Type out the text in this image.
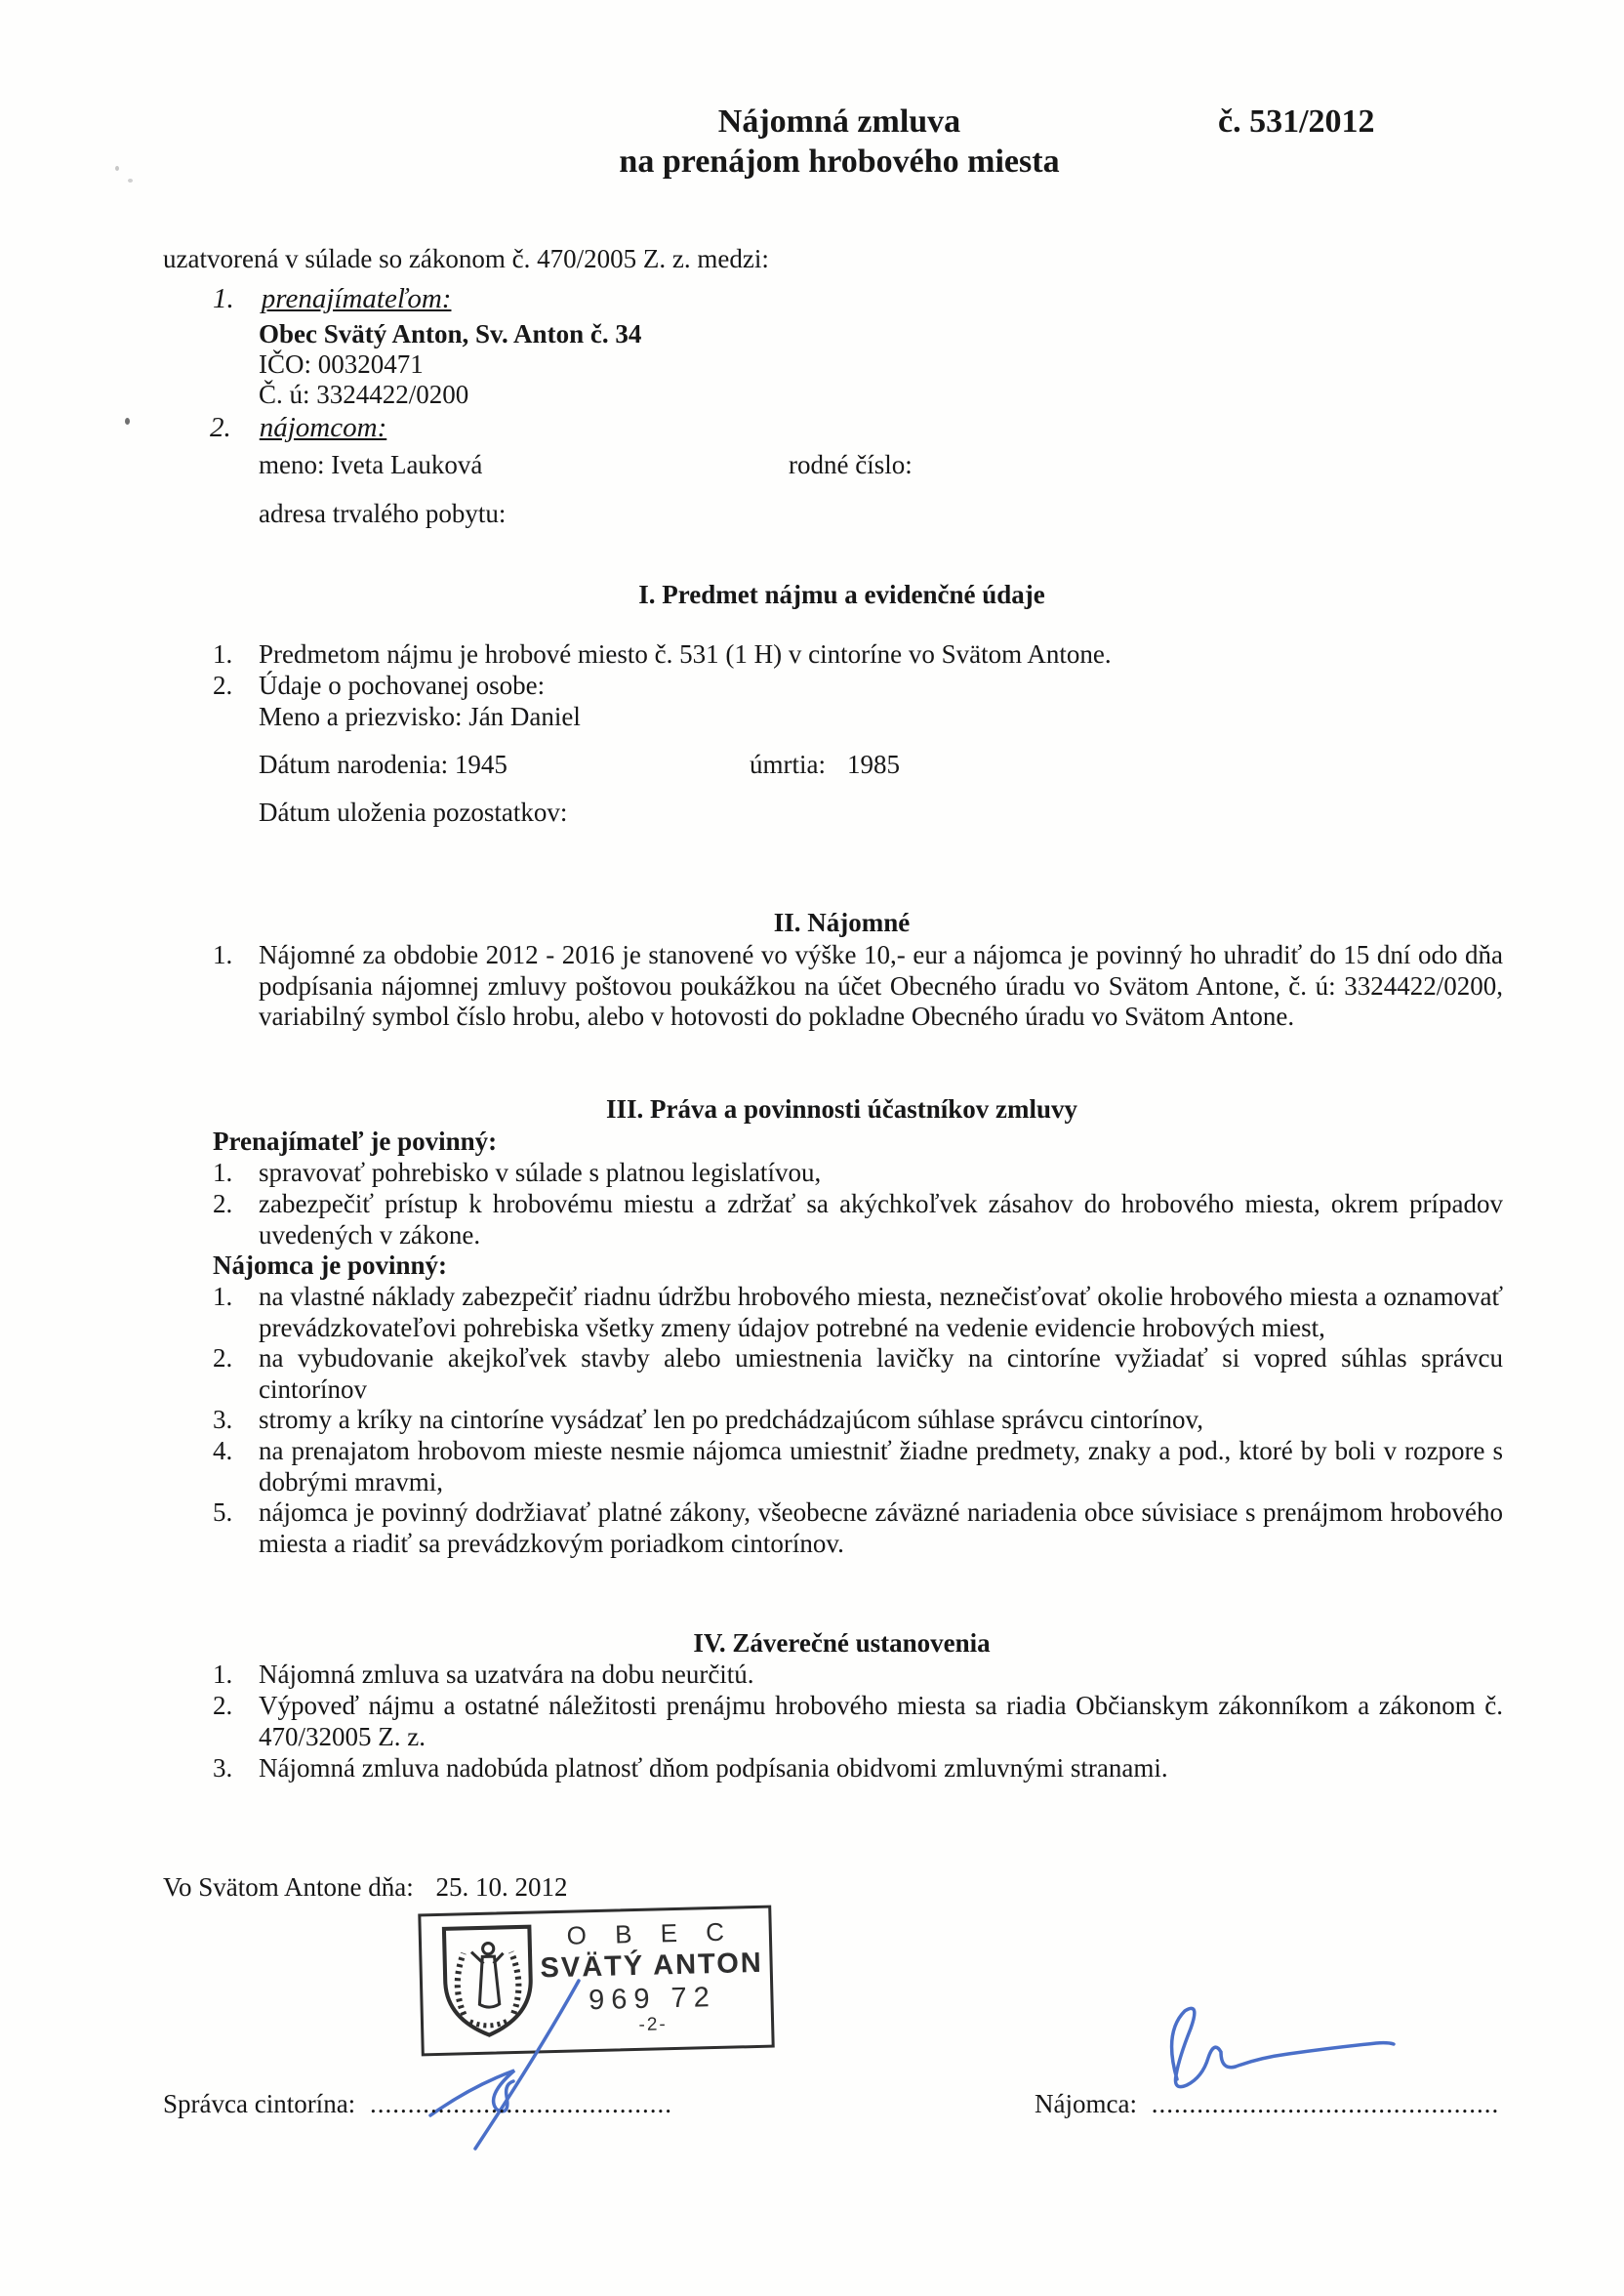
Nájomná zmluva
na prenájom hrobového miesta
č. 531/2012
uzatvorená v súlade so zákonom č. 470/2005 Z. z. medzi:
1. prenajímateľom:
Obec Svätý Anton, Sv. Anton č. 34
IČO: 00320471
Č. ú: 3324422/0200
2. nájomcom:
meno: Iveta Lauková	rodné číslo:
adresa trvalého pobytu:
I. Predmet nájmu a evidenčné údaje
1. Predmetom nájmu je hrobové miesto č. 531 (1 H) v cintoríne vo Svätom Antone.
2. Údaje o pochovanej osobe:
Meno a priezvisko: Ján Daniel
Dátum narodenia: 1945	úmrtia: 1985
Dátum uloženia pozostatkov:
II. Nájomné
1. Nájomné za obdobie 2012 - 2016 je stanovené vo výške 10,- eur a nájomca je povinný ho uhradiť do 15 dní odo dňa podpísania nájomnej zmluvy poštovou poukážkou na účet Obecného úradu vo Svätom Antone, č. ú: 3324422/0200, variabilný symbol číslo hrobu, alebo v hotovosti do pokladne Obecného úradu vo Svätom Antone.
III. Práva a povinnosti účastníkov zmluvy
Prenajímateľ je povinný:
1. spravovať pohrebisko v súlade s platnou legislatívou,
2. zabezpečiť prístup k hrobovému miestu a zdržať sa akýchkoľvek zásahov do hrobového miesta, okrem prípadov uvedených v zákone.
Nájomca je povinný:
1. na vlastné náklady zabezpečiť riadnu údržbu hrobového miesta, neznečisťovať okolie hrobového miesta a oznamovať prevádzkovateľovi pohrebiska všetky zmeny údajov potrebné na vedenie evidencie hrobových miest,
2. na vybudovanie akejkoľvek stavby alebo umiestnenia lavičky na cintoríne vyžiadať si vopred súhlas správcu cintorínov
3. stromy a kríky na cintoríne vysádzať len po predchádzajúcom súhlase správcu cintorínov,
4. na prenajatom hrobovom mieste nesmie nájomca umiestniť žiadne predmety, znaky a pod., ktoré by boli v rozpore s dobrými mravmi,
5. nájomca je povinný dodržiavať platné zákony, všeobecne záväzné nariadenia obce súvisiace s prenájmom hrobového miesta a riadiť sa prevádzkovým poriadkom cintorínov.
IV. Záverečné ustanovenia
1. Nájomná zmluva sa uzatvára na dobu neurčitú.
2. Výpoveď nájmu a ostatné náležitosti prenájmu hrobového miesta sa riadia Občianskym zákonníkom a zákonom č. 470/32005 Z. z.
3. Nájomná zmluva nadobúda platnosť dňom podpísania obidvomi zmluvnými stranami.
Vo Svätom Antone dňa: 25. 10. 2012
O B E C
SVÄTÝ ANTON
969 72
-2-
Správca cintorína: ........................................	Nájomca: ..............................................
